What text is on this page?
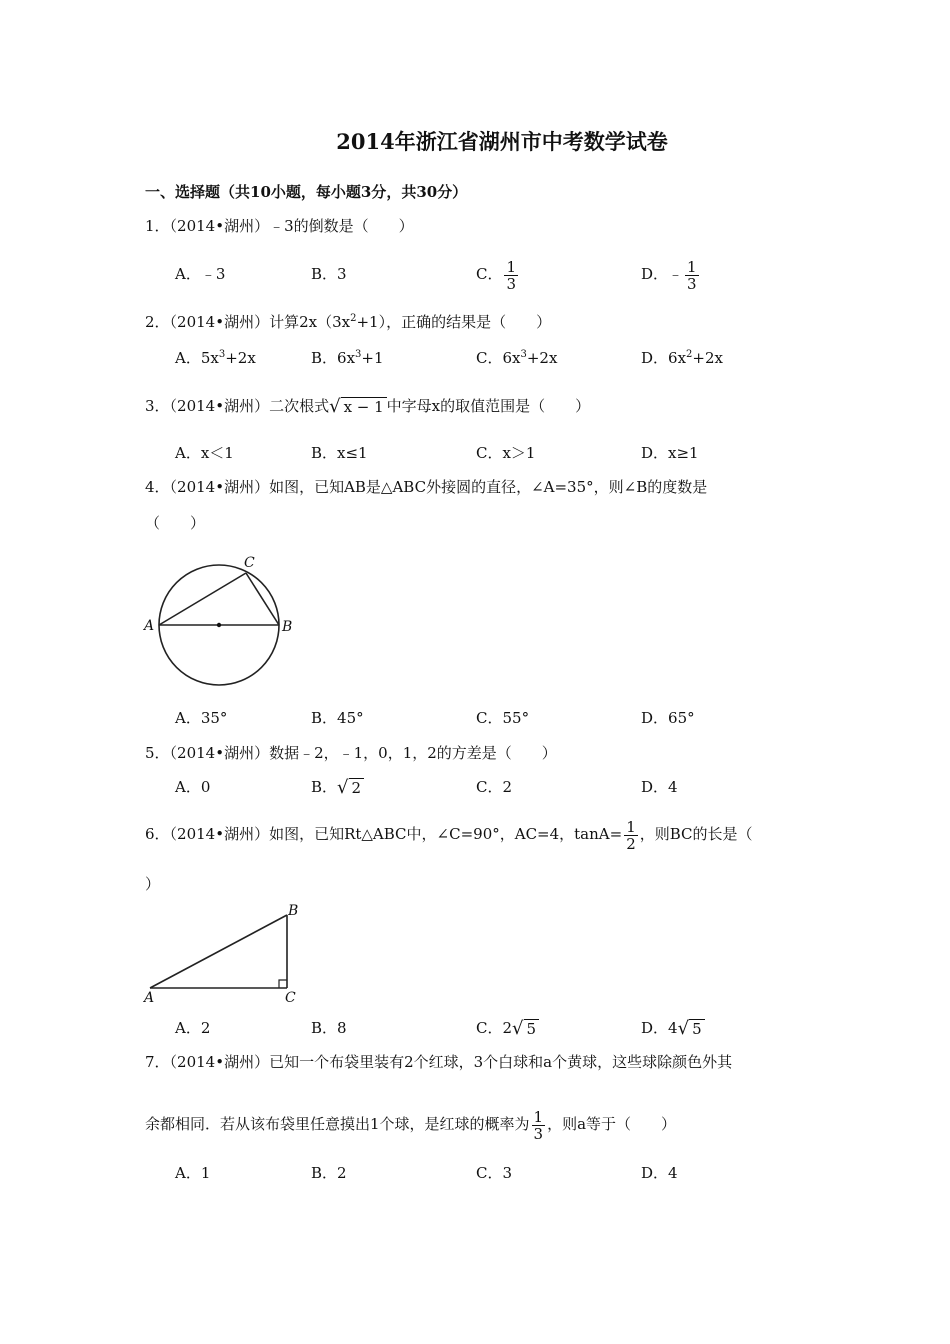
2014年浙江省湖州市中考数学试卷
一、选择题（共10小题，每小题3分，共30分）
1．（2014•湖州）﹣3的倒数是（　　）
A．﹣3	B．3	C． $\frac{1}{3}$	D．﹣ $\frac{1}{3}$
2．（2014•湖州）计算$2x(3x^2+1)$，正确的结果是（　　）
A．$5x^3+2x$	B．$6x^3+1$	C．$6x^3+2x$	D．$6x^2+2x$
3．（2014•湖州）二次根式√ x − 1 中字母x的取值范围是（　　）
A．x＜1	B．x≤1	C．x＞1	D．x≥1
4．（2014•湖州）如图，已知AB是△ABC外接圆的直径，∠A=35°，则∠B的度数是
（　　）
A	B
C
A．35°	B．45°	C．55°	D．65°
5．（2014•湖州）数据﹣2，﹣1，0，1，2的方差是（　　）
A．0	B．√ 2	C．2	D．4
6．（2014•湖州）如图，已知Rt△ABC中，∠C=90°，AC=4，$\tan A= \frac{1}{2}$ ，则BC的长是（
）
A
B
C
A．2	B．8	C．2√ 5	D．4√ 5
7．（2014•湖州）已知一个布袋里装有2个红球，3个白球和a个黄球，这些球除颜色外其
余都相同．若从该布袋里任意摸出1个球，是红球的概率为 $\frac{1}{3}$ ，则a等于（　　）
A．1	B．2	C．3	D．4
